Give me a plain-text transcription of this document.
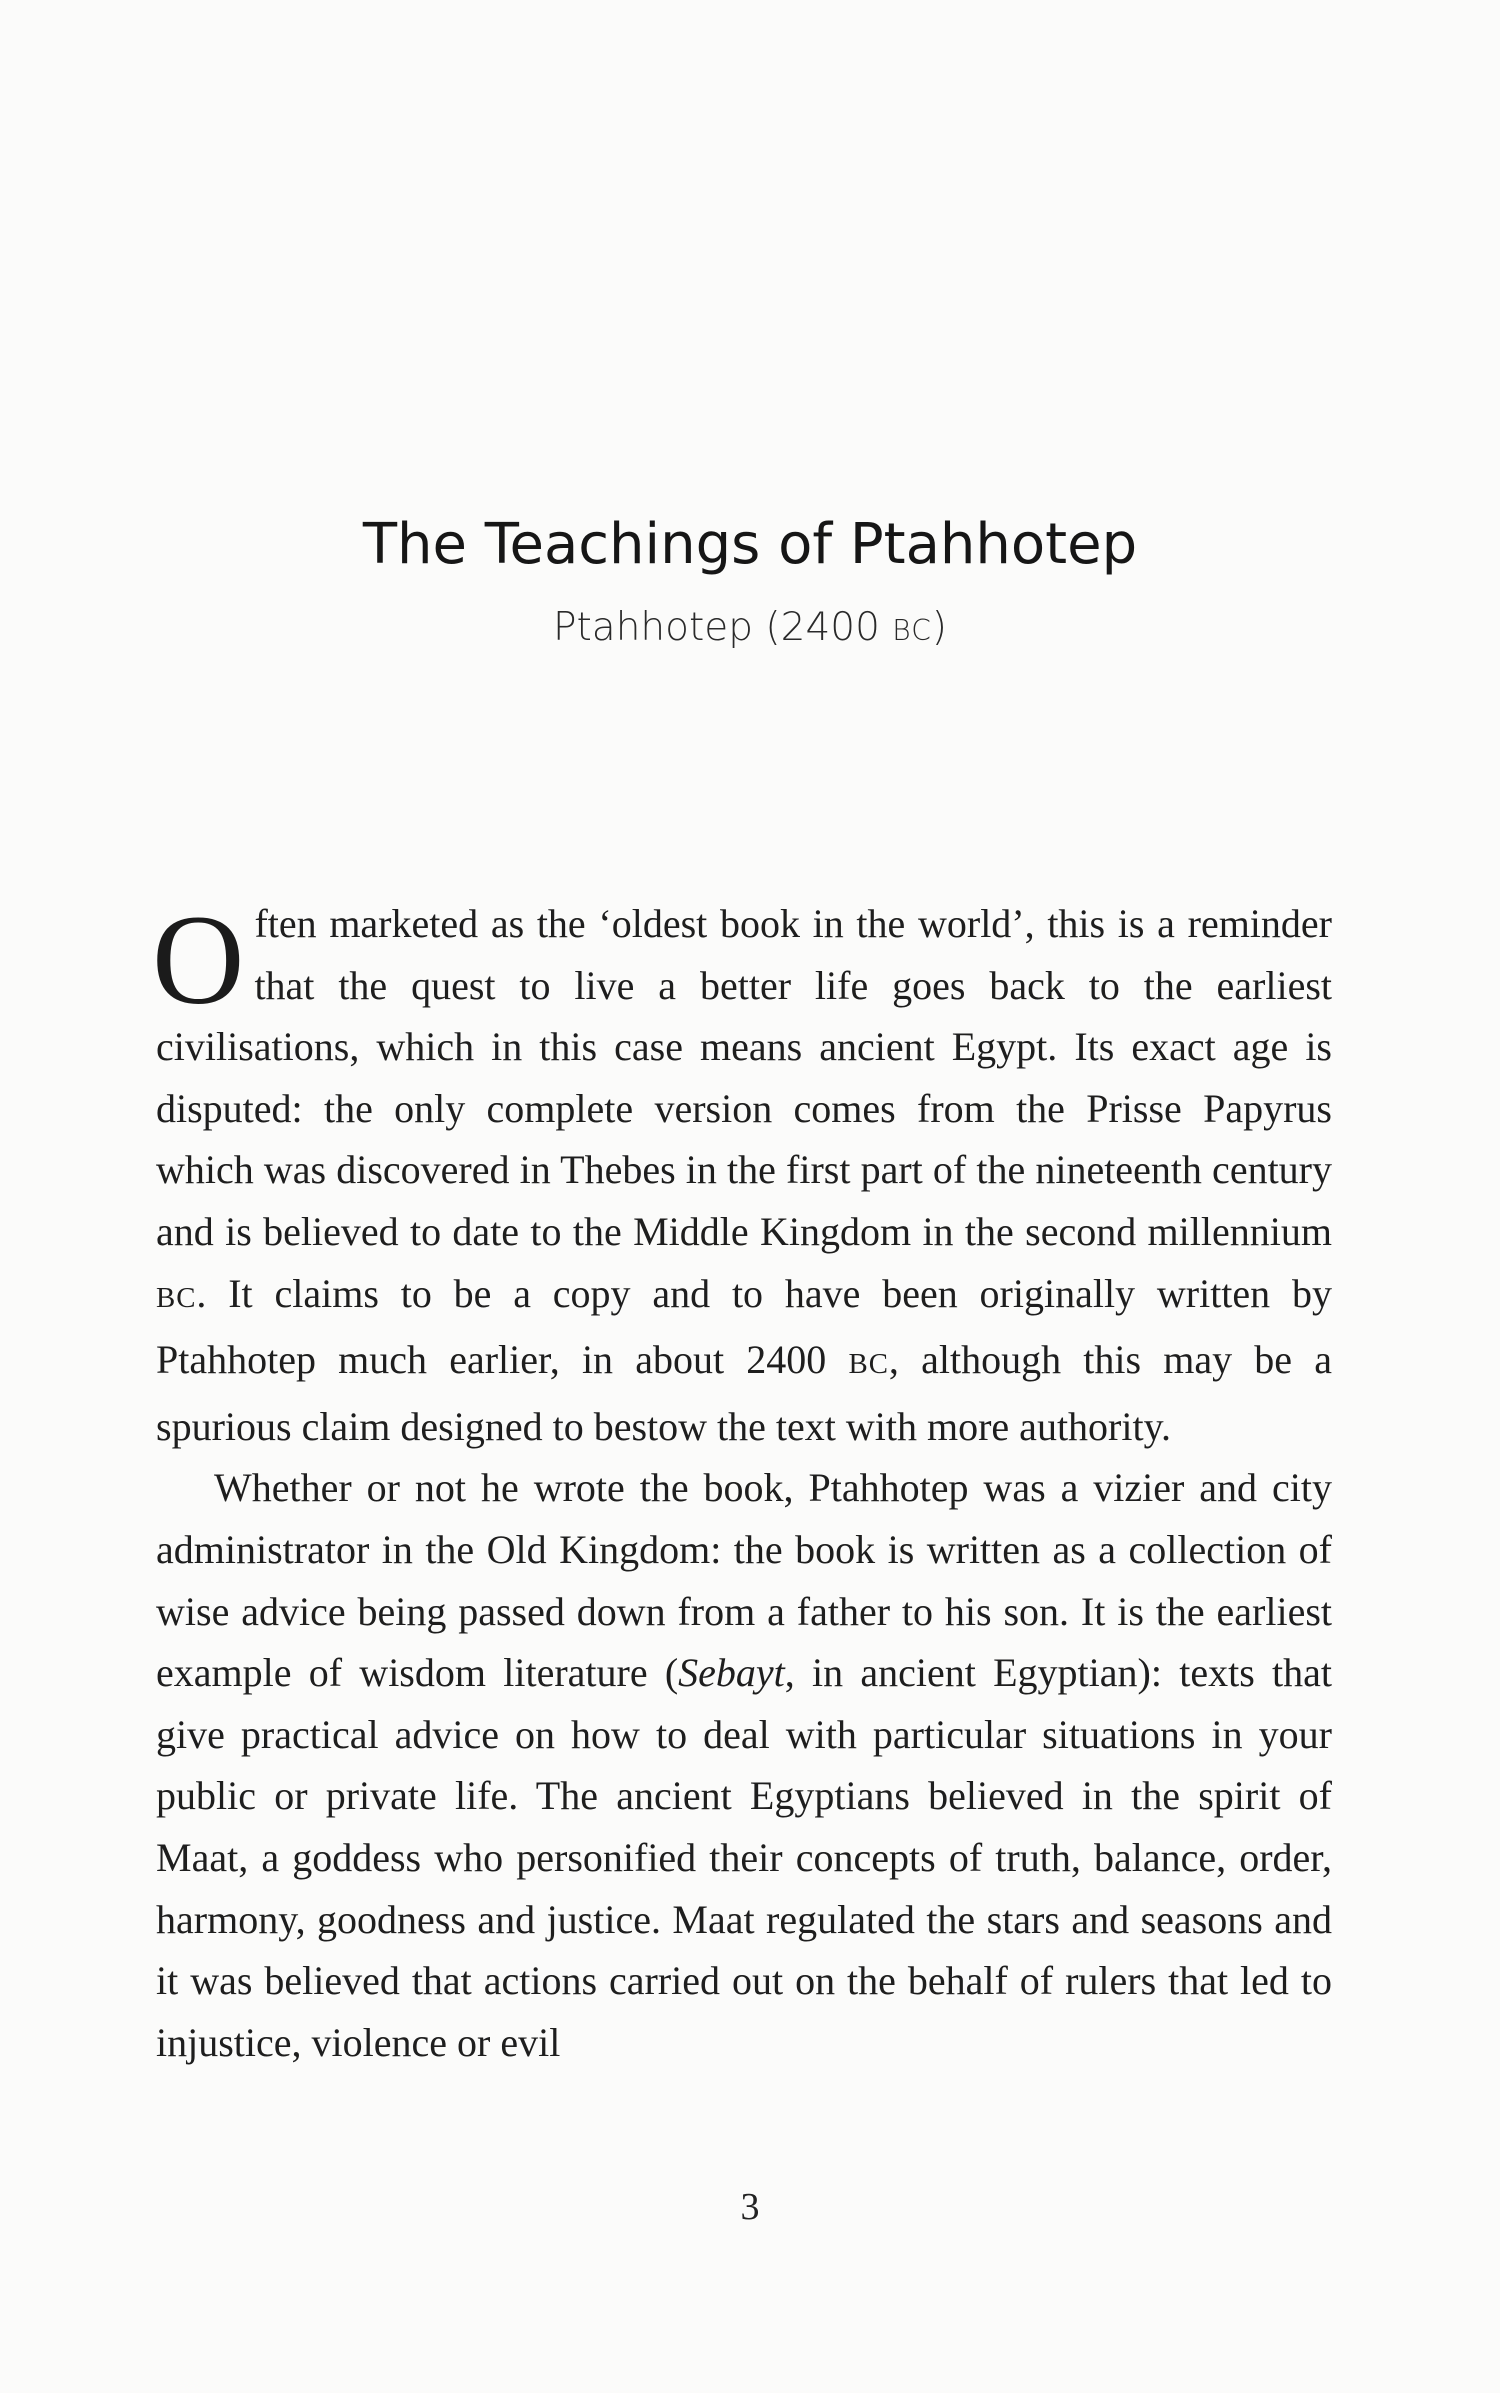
The Teachings of Ptahhotep
Ptahhotep (2400 BC)

Often marketed as the ‘oldest book in the world’, this is a reminder that the quest to live a better life goes back to the earliest civilisations, which in this case means ancient Egypt. Its exact age is disputed: the only complete version comes from the Prisse Papyrus which was discovered in Thebes in the first part of the nineteenth century and is believed to date to the Middle Kingdom in the second millennium BC. It claims to be a copy and to have been originally written by Ptahhotep much earlier, in about 2400 BC, although this may be a spurious claim designed to bestow the text with more authority.

Whether or not he wrote the book, Ptahhotep was a vizier and city administrator in the Old Kingdom: the book is written as a collection of wise advice being passed down from a father to his son. It is the earliest example of wisdom literature (Sebayt, in ancient Egyptian): texts that give practical advice on how to deal with particular situations in your public or private life. The ancient Egyptians believed in the spirit of Maat, a goddess who personified their concepts of truth, balance, order, harmony, goodness and justice. Maat regulated the stars and seasons and it was believed that actions carried out on the behalf of rulers that led to injustice, violence or evil

3
